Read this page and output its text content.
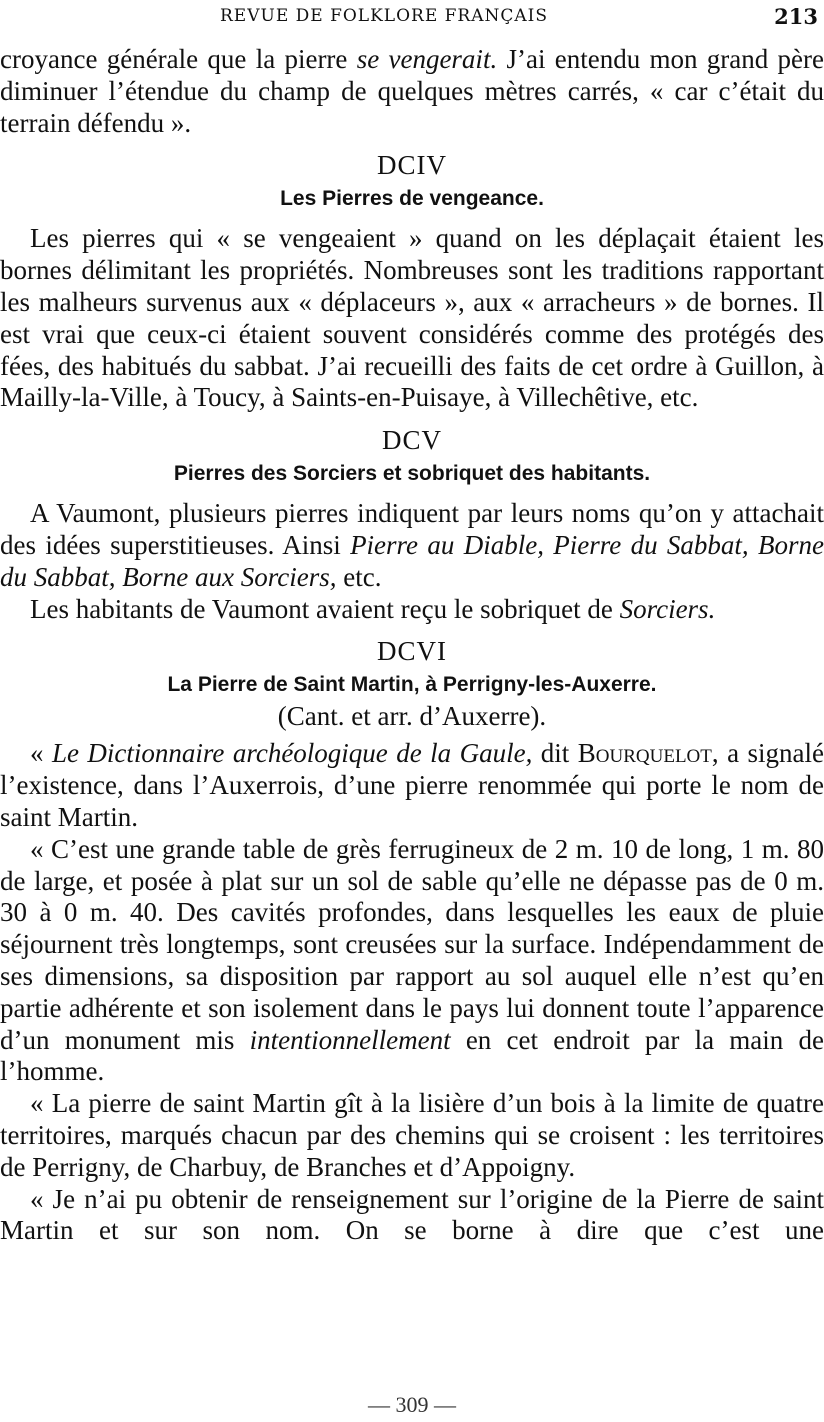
REVUE DE FOLKLORE FRANÇAIS	213

croyance générale que la pierre se vengerait. J’ai entendu mon grand père diminuer l’étendue du champ de quelques mètres carrés, « car c’était du terrain défendu ».

DCIV
Les Pierres de vengeance.

Les pierres qui « se vengeaient » quand on les déplaçait étaient les bornes délimitant les propriétés. Nombreuses sont les traditions rapportant les malheurs survenus aux « déplaceurs », aux « arracheurs » de bornes. Il est vrai que ceux-ci étaient souvent considérés comme des protégés des fées, des habitués du sabbat. J’ai recueilli des faits de cet ordre à Guillon, à Mailly-la-Ville, à Toucy, à Saints-en-Puisaye, à Villechêtive, etc.

DCV
Pierres des Sorciers et sobriquet des habitants.

A Vaumont, plusieurs pierres indiquent par leurs noms qu’on y attachait des idées superstitieuses. Ainsi Pierre au Diable, Pierre du Sabbat, Borne du Sabbat, Borne aux Sorciers, etc.

Les habitants de Vaumont avaient reçu le sobriquet de Sorciers.

DCVI
La Pierre de Saint Martin, à Perrigny-les-Auxerre.
(Cant. et arr. d’Auxerre).

« Le Dictionnaire archéologique de la Gaule, dit Bourquelot, a signalé l’existence, dans l’Auxerrois, d’une pierre renommée qui porte le nom de saint Martin.

« C’est une grande table de grès ferrugineux de 2 m. 10 de long, 1 m. 80 de large, et posée à plat sur un sol de sable qu’elle ne dépasse pas de 0 m. 30 à 0 m. 40. Des cavités profondes, dans lesquelles les eaux de pluie séjournent très longtemps, sont creusées sur la surface. Indépendamment de ses dimensions, sa disposition par rapport au sol auquel elle n’est qu’en partie adhérente et son isolement dans le pays lui donnent toute l’apparence d’un monument mis intentionnellement en cet endroit par la main de l’homme.

« La pierre de saint Martin gît à la lisière d’un bois à la limite de quatre territoires, marqués chacun par des chemins qui se croisent : les territoires de Perrigny, de Charbuy, de Branches et d’Appoigny.

« Je n’ai pu obtenir de renseignement sur l’origine de la Pierre de saint Martin et sur son nom. On se borne à dire que c’est une

— 309 —
